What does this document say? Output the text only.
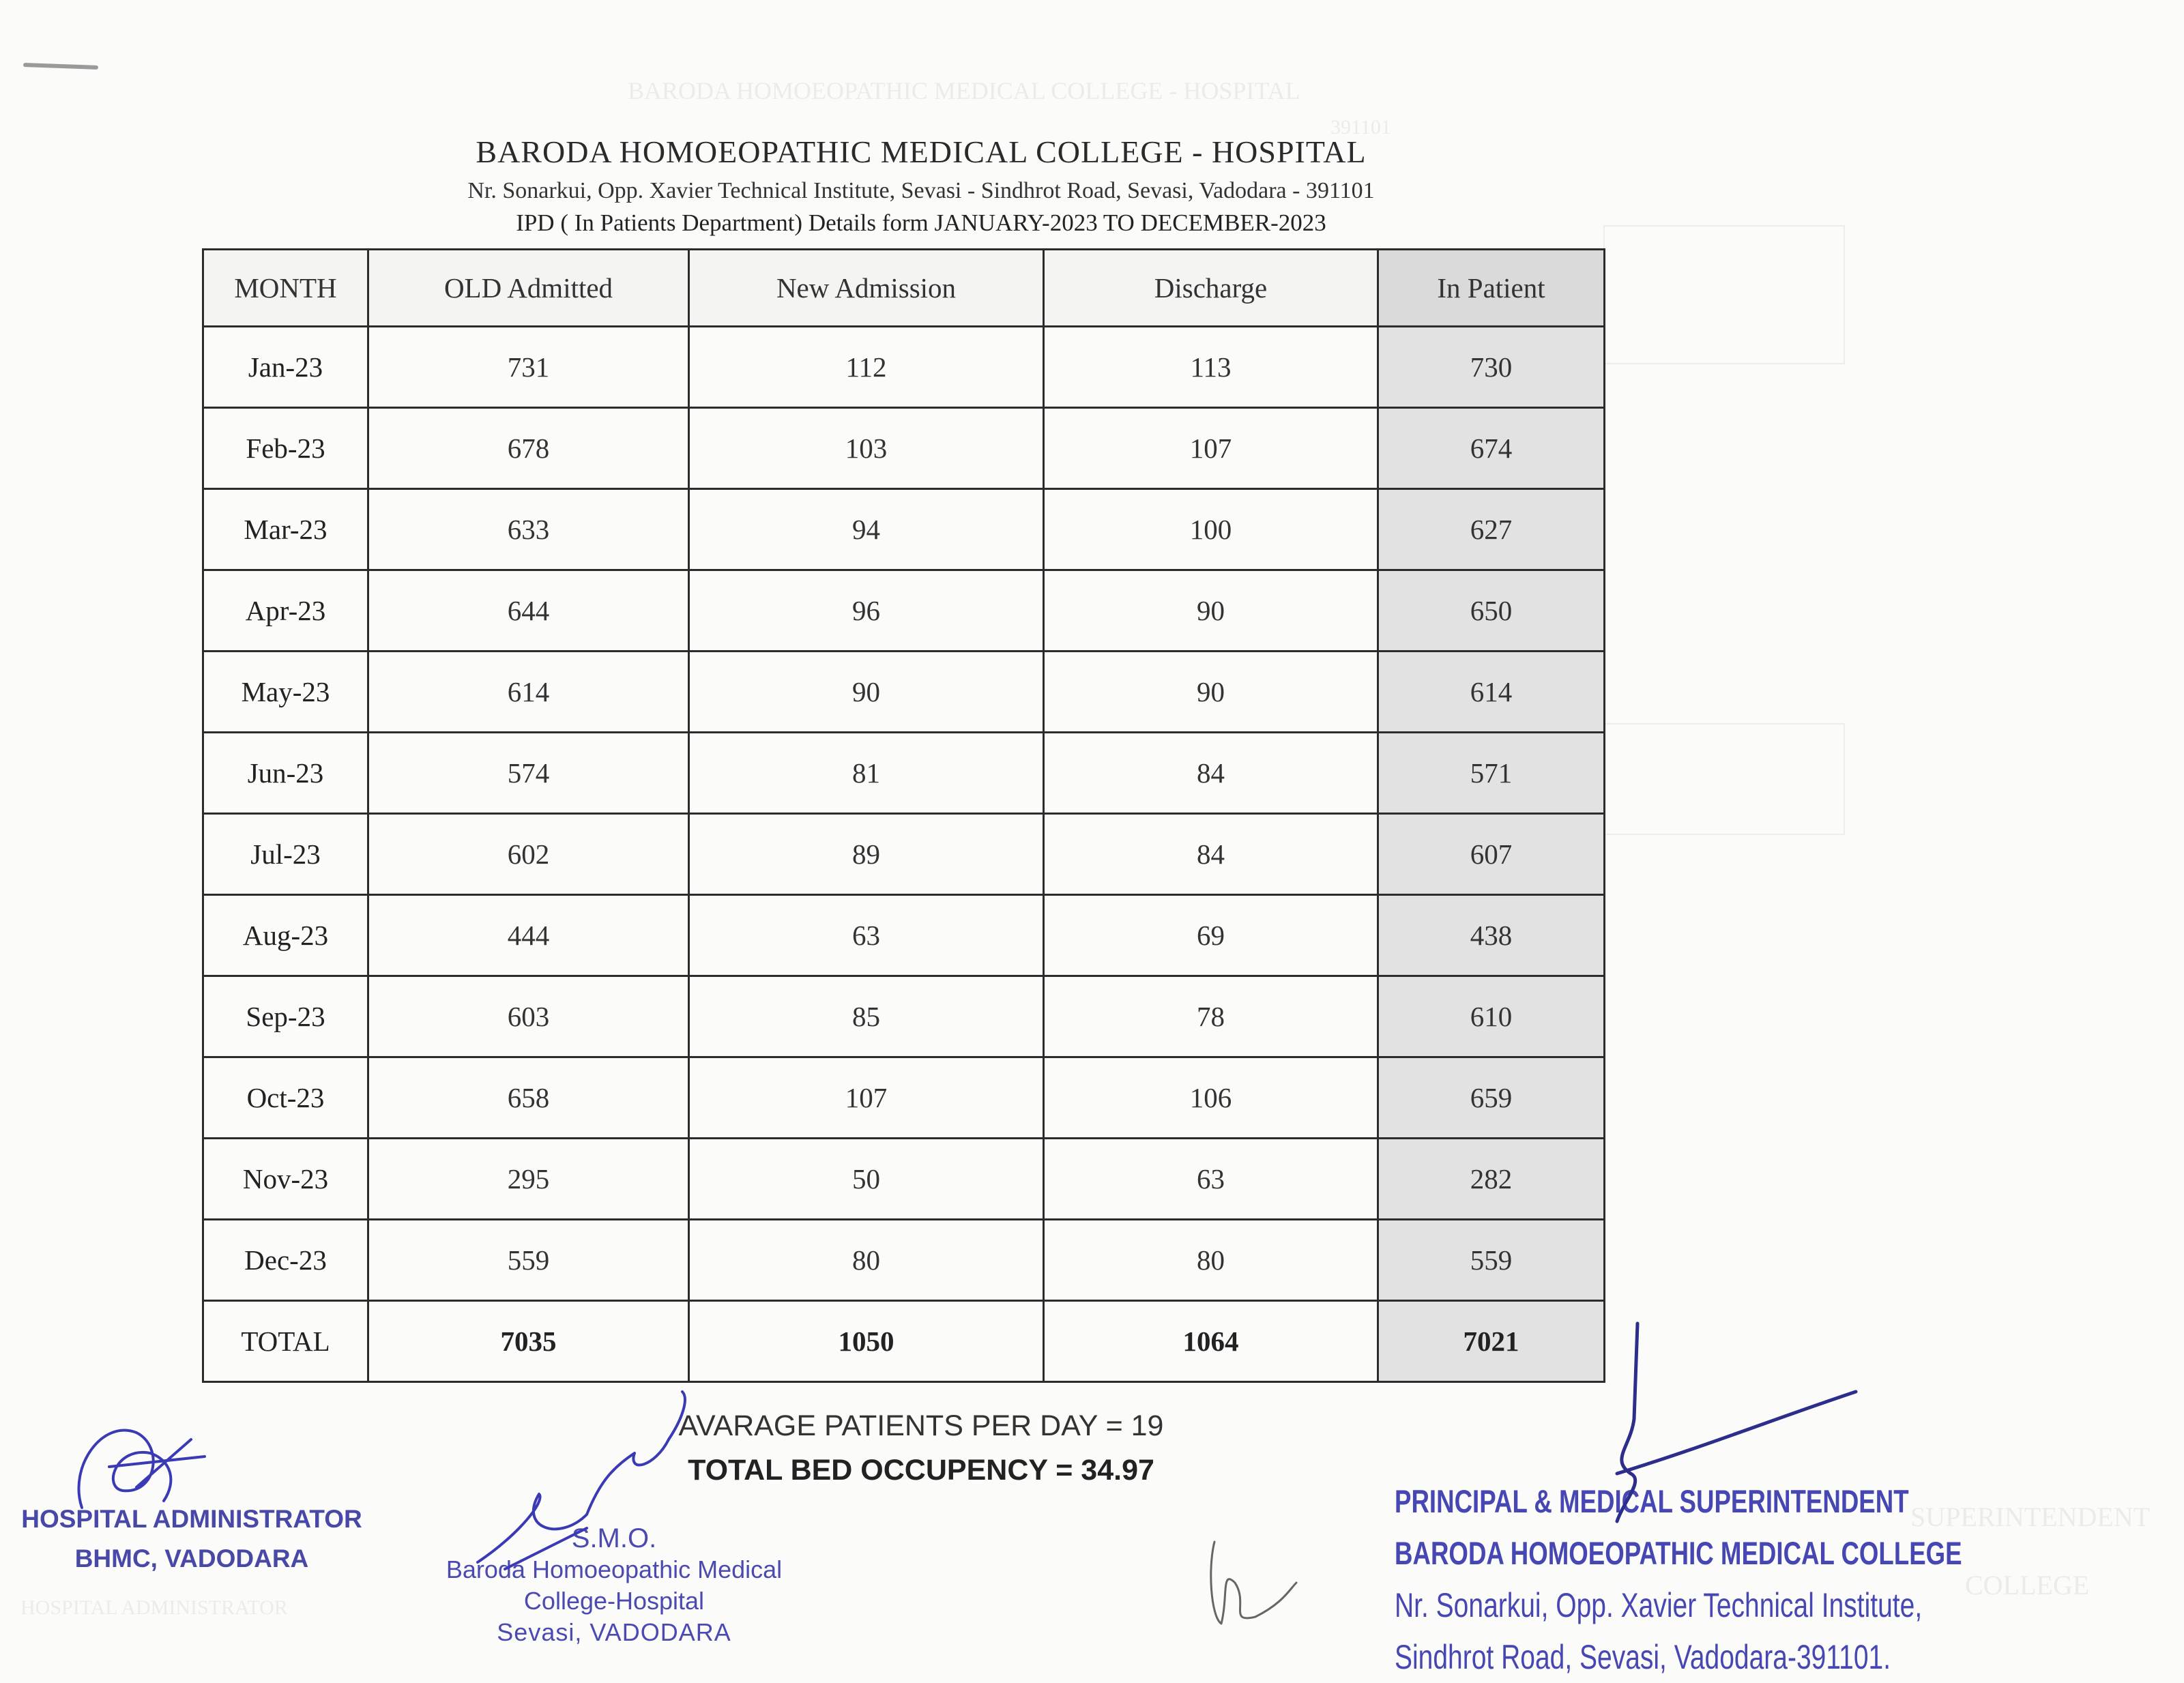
BARODA HOMOEOPATHIC MEDICAL COLLEGE - HOSPITAL
391101
SUPERINTENDENT
COLLEGE
HOSPITAL ADMINISTRATOR
BARODA HOMOEOPATHIC MEDICAL COLLEGE - HOSPITAL
Nr. Sonarkui, Opp. Xavier Technical Institute, Sevasi - Sindhrot Road, Sevasi, Vadodara - 391101
IPD ( In Patients Department) Details form JANUARY-2023 TO DECEMBER-2023
MONTH	OLD Admitted	New Admission	Discharge	In Patient
Jan-23	731	112	113	730
Feb-23	678	103	107	674
Mar-23	633	94	100	627
Apr-23	644	96	90	650
May-23	614	90	90	614
Jun-23	574	81	84	571
Jul-23	602	89	84	607
Aug-23	444	63	69	438
Sep-23	603	85	78	610
Oct-23	658	107	106	659
Nov-23	295	50	63	282
Dec-23	559	80	80	559
TOTAL	7035	1050	1064	7021
AVARAGE PATIENTS PER DAY = 19
TOTAL BED OCCUPENCY = 34.97
HOSPITAL ADMINISTRATOR
BHMC, VADODARA
S.M.O.
Baroda Homoeopathic Medical
College-Hospital
Sevasi, VADODARA
PRINCIPAL & MEDICAL SUPERINTENDENT
BARODA HOMOEOPATHIC MEDICAL COLLEGE
Nr. Sonarkui, Opp. Xavier Technical Institute,
Sindhrot Road, Sevasi, Vadodara-391101.
